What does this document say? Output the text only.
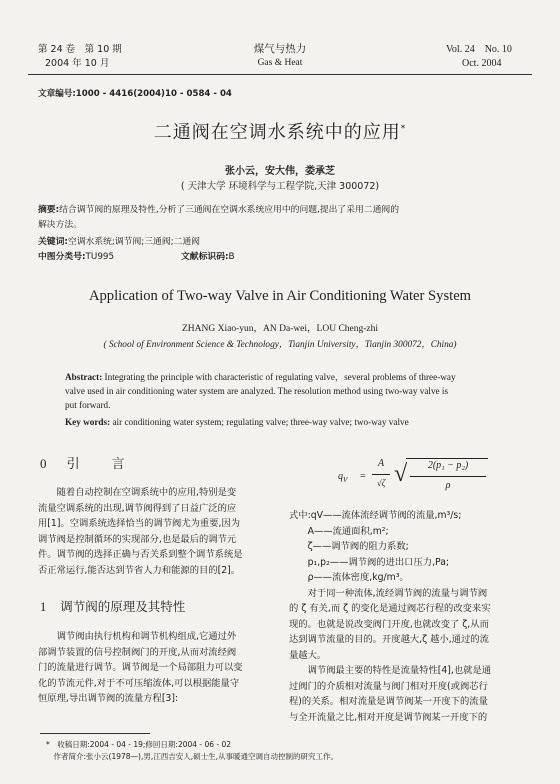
第 24 卷　第 10 期
2004 年 10 月
煤气与热力
Gas & Heat
Vol. 24　No. 10
Oct. 2004
文章编号:1000 - 4416(2004)10 - 0584 - 04
二通阀在空调水系统中的应用*
张小云，安大伟，娄承芝
( 天津大学 环境科学与工程学院,天津 300072)
摘要:结合调节阀的原理及特性,分析了三通阀在空调水系统应用中的问题,提出了采用二通阀的
解决方法。
关键词:空调水系统;调节阀;三通阀;二通阀
中图分类号:TU995	文献标识码:B
Application of Two-way Valve in Air Conditioning Water System
ZHANG Xiao-yun，AN Da-wei，LOU Cheng-zhi
( School of Environment Science & Technology，Tianjin University，Tianjin 300072，China)
Abstract: Integrating the principle with characteristic of regulating valve，several problems of three-way
valve used in air conditioning water system are analyzed. The resolution method using two-way valve is
put forward.
Key words: air conditioning water system; regulating valve; three-way valve; two-way valve
0 引　　言
　　随着自动控制在空调系统中的应用,特别是变
流量空调系统的出现,调节阀得到了日益广泛的应
用[1]。空调系统选择恰当的调节阀尤为重要,因为
调节阀是控制循环的实现部分,也是最后的调节元
件。调节阀的选择正确与否关系到整个调节系统是
否正常运行,能否达到节省人力和能源的目的[2]。
1 调节阀的原理及其特性
　　调节阀由执行机构和调节机构组成,它通过外
部调节装置的信号控制阀门的开度,从而对流经阀
门的流量进行调节。调节阀是一个局部阻力可以变
化的节流元件,对于不可压缩流体,可以根据能量守
恒原理,导出调节阀的流量方程[3]:
$q_V$ =
A
√ζ √	2(p₁ − p₂)
ρ
式中:qV——流体流经调节阀的流量,m³/s;
　　A——流通面积,m²;
　　ζ——调节阀的阻力系数;
　　p₁,p₂——调节阀的进出口压力,Pa;
　　ρ——流体密度,kg/m³。
　　对于同一种流体,流经调节阀的流量与调节阀
的 ζ 有关,而 ζ 的变化是通过阀芯行程的改变来实
现的。也就是说改变阀门开度,也就改变了 ζ,从而
达到调节流量的目的。开度越大,ζ 越小,通过的流
量越大。
　　调节阀最主要的特性是流量特性[4],也就是通
过阀门的介质相对流量与阀门相对开度(或阀芯行
程)的关系。相对流量是调节阀某一开度下的流量
与全开流量之比,相对开度是调节阀某一开度下的
*　收稿日期:2004 - 04 - 19;修回日期:2004 - 06 - 02
　作者简介:张小云(1978—),男,江西吉安人,硕士生,从事暖通空调自动控制的研究工作。
